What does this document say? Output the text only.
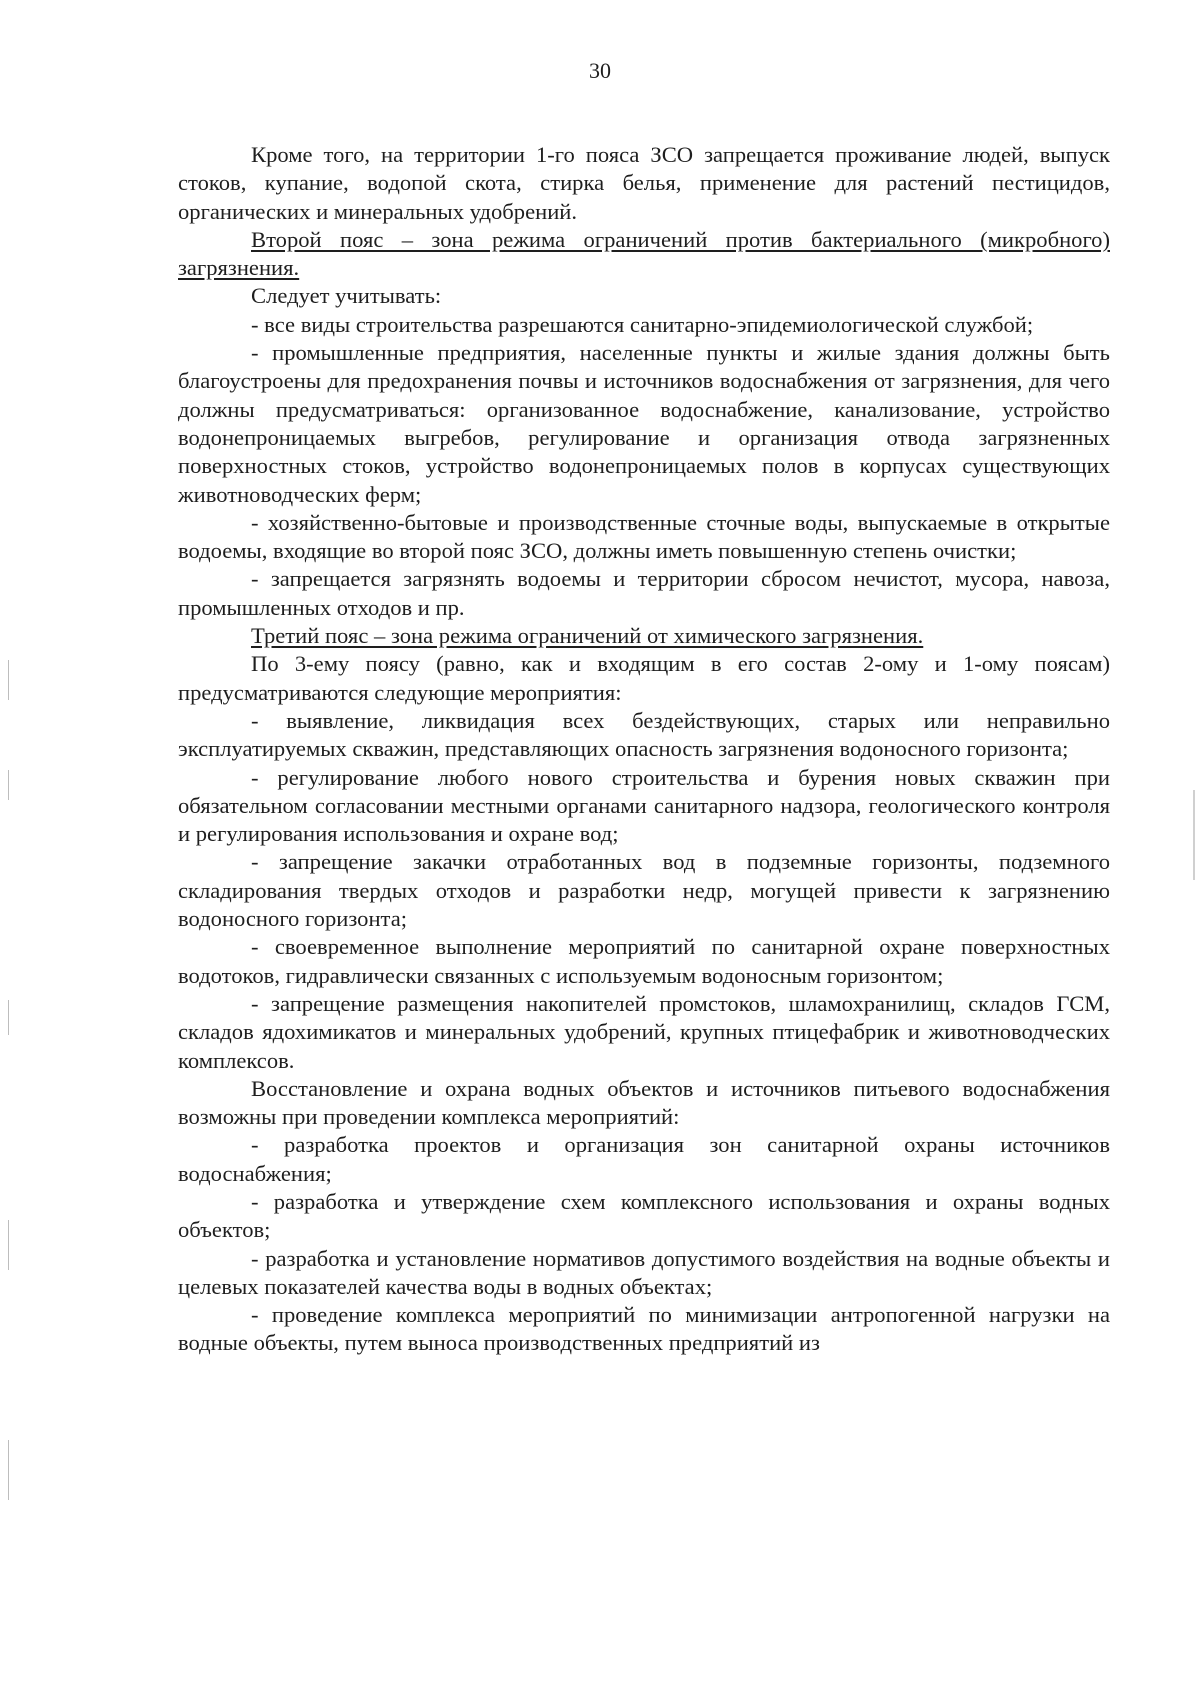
30

Кроме того, на территории 1-го пояса ЗСО запрещается проживание людей, выпуск стоков, купание, водопой скота, стирка белья, применение для растений пестицидов, органических и минеральных удобрений.

Второй пояс – зона режима ограничений против бактериального (микробного) загрязнения.

Следует учитывать:

- все виды строительства разрешаются санитарно-эпидемиологической службой;

- промышленные предприятия, населенные пункты и жилые здания должны быть благоустроены для предохранения почвы и источников водоснабжения от загрязнения, для чего должны предусматриваться: организованное водоснабжение, канализование, устройство водонепроницаемых выгребов, регулирование и организация отвода загрязненных поверхностных стоков, устройство водонепроницаемых полов в корпусах существующих животноводческих ферм;

- хозяйственно-бытовые и производственные сточные воды, выпускаемые в открытые водоемы, входящие во второй пояс ЗСО, должны иметь повышенную степень очистки;

- запрещается загрязнять водоемы и территории сбросом нечистот, мусора, навоза, промышленных отходов и пр.

Третий пояс – зона режима ограничений от химического загрязнения.

По 3-ему поясу (равно, как и входящим в его состав 2-ому и 1-ому поясам) предусматриваются следующие мероприятия:

- выявление, ликвидация всех бездействующих, старых или неправильно эксплуатируемых скважин, представляющих опасность загрязнения водоносного горизонта;

- регулирование любого нового строительства и бурения новых скважин при обязательном согласовании местными органами санитарного надзора, геологического контроля и регулирования использования и охране вод;

- запрещение закачки отработанных вод в подземные горизонты, подземного складирования твердых отходов и разработки недр, могущей привести к загрязнению водоносного горизонта;

- своевременное выполнение мероприятий по санитарной охране поверхностных водотоков, гидравлически связанных с используемым водоносным горизонтом;

- запрещение размещения накопителей промстоков, шламохранилищ, складов ГСМ, складов ядохимикатов и минеральных удобрений, крупных птицефабрик и животноводческих комплексов.

Восстановление и охрана водных объектов и источников питьевого водоснабжения возможны при проведении комплекса мероприятий:

- разработка проектов и организация зон санитарной охраны источников водоснабжения;

- разработка и утверждение схем комплексного использования и охраны водных объектов;

- разработка и установление нормативов допустимого воздействия на водные объекты и целевых показателей качества воды в водных объектах;

- проведение комплекса мероприятий по минимизации антропогенной нагрузки на водные объекты, путем выноса производственных предприятий из
